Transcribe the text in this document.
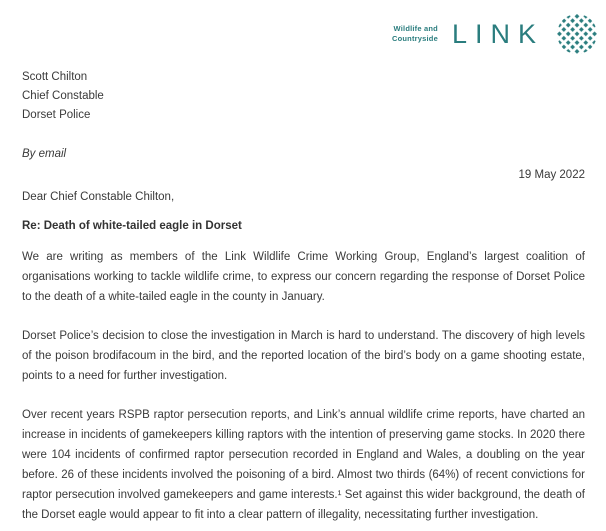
Wildlife and
Countryside LINK
Scott Chilton
Chief Constable
Dorset Police
By email
19 May 2022
Dear Chief Constable Chilton,
Re: Death of white-tailed eagle in Dorset

We are writing as members of the Link Wildlife Crime Working Group, England’s largest coalition of organisations working to tackle wildlife crime, to express our concern regarding the response of Dorset Police to the death of a white-tailed eagle in the county in January.

Dorset Police’s decision to close the investigation in March is hard to understand. The discovery of high levels of the poison brodifacoum in the bird, and the reported location of the bird’s body on a game shooting estate, points to a need for further investigation.

Over recent years RSPB raptor persecution reports, and Link’s annual wildlife crime reports, have charted an increase in incidents of gamekeepers killing raptors with the intention of preserving game stocks. In 2020 there were 104 incidents of confirmed raptor persecution recorded in England and Wales, a doubling on the year before. 26 of these incidents involved the poisoning of a bird. Almost two thirds (64%) of recent convictions for raptor persecution involved gamekeepers and game interests.¹ Set against this wider background, the death of the Dorset eagle would appear to fit into a clear pattern of illegality, necessitating further investigation.
